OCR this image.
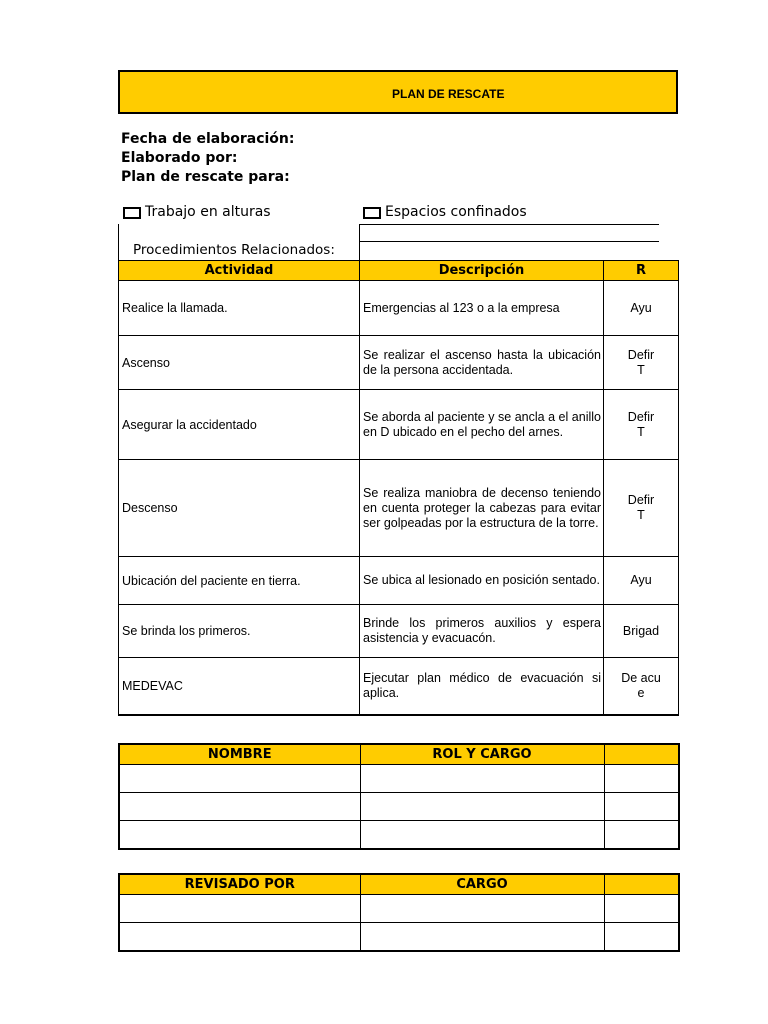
PLAN DE RESCATE
Fecha de elaboración:
Elaborado por:
Plan de rescate para:
Trabajo en alturas	Espacios confinados
Procedimientos Relacionados:
Actividad	Descripción	R
Realice la llamada.	Emergencias al 123 o a la empresa	Ayu

Ascenso	Se realizar el ascenso hasta la ubicación de la persona accidentada.	Defir
T
Asegurar la accidentado	Se aborda al paciente y se ancla a el anillo en D ubicado en el pecho del arnes.	Defir
T
Descenso	Se realiza maniobra de decenso teniendo en cuenta proteger la cabezas para evitar ser golpeadas por la estructura de la torre.	Defir
T
Ubicación del paciente en tierra.	Se ubica al lesionado en posición sentado.	Ayu

Se brinda los primeros.	Brinde los primeros auxilios y espera asistencia y evacuacón.	Brigad

MEDEVAC	Ejecutar plan médico de evacuación si aplica.	De acu
e
NOMBRE	ROL Y CARGO	

REVISADO POR	CARGO	
